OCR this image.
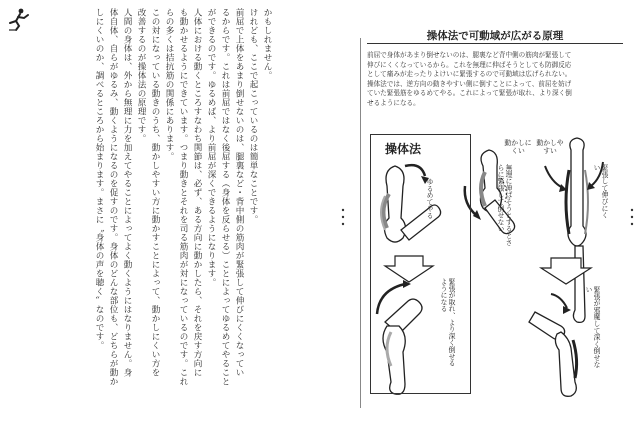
かもしれません。
けれども、ここで起こっているのは簡単なことです。
前屈で上体をあまり倒せないのは、腿裏など・背中側の筋肉が緊張して伸びにくくなってい
るからです。これは前屈ではなく後屈する（身体を反らせる）ことによってゆるめてやること
ができるのです。ゆるめば、より前屈が深くできるようになります。
人体における動くところすなわち関節は、必ず、ある方向に動かしたら、それを戻す方向に
も動かせるようにできています。つまり動きとそれを司る筋肉が対になっているのです。これ
らの多くは拮抗筋の関係にあります。
この対になっている動きのうち、動かしやすい方に動かすことによって、動かしにくい方を
改善するのが操体法の原理です。
人間の身体は、外から無理に力を加えてやることによってよく動くようにはなりません。身
体自体、自らがゆるみ、動くようになるのを促すのです。身体のどんな部位も、どちらが動か
しにくいのか、調べるところから始まります。まさに〝身体の声を聴く〟なのです。	操体法で可動域が広がる原理
前屈で身体があまり倒せないのは、腿裏など背中側の筋肉が緊張して
伸びにくくなっているから。これを無理に伸ばそうとしても防御反応
として痛みが走ったりよけいに緊張するので可動域は広げられない。
操体法では、逆方向の動きやすい側に倒すことによって、前屈を妨げ
ていた緊張筋をゆるめてやる。これによって緊張が取れ、より深く倒
せるようになる。
操体法
ゆるめてやる
緊張が取れ、より深く倒せるようになる
動かしにくい
動かしやすい
無理に伸ばそうとするとさらに緊張して倒せない	緊張して伸びにくい
緊張が邪魔して深く倒せない
